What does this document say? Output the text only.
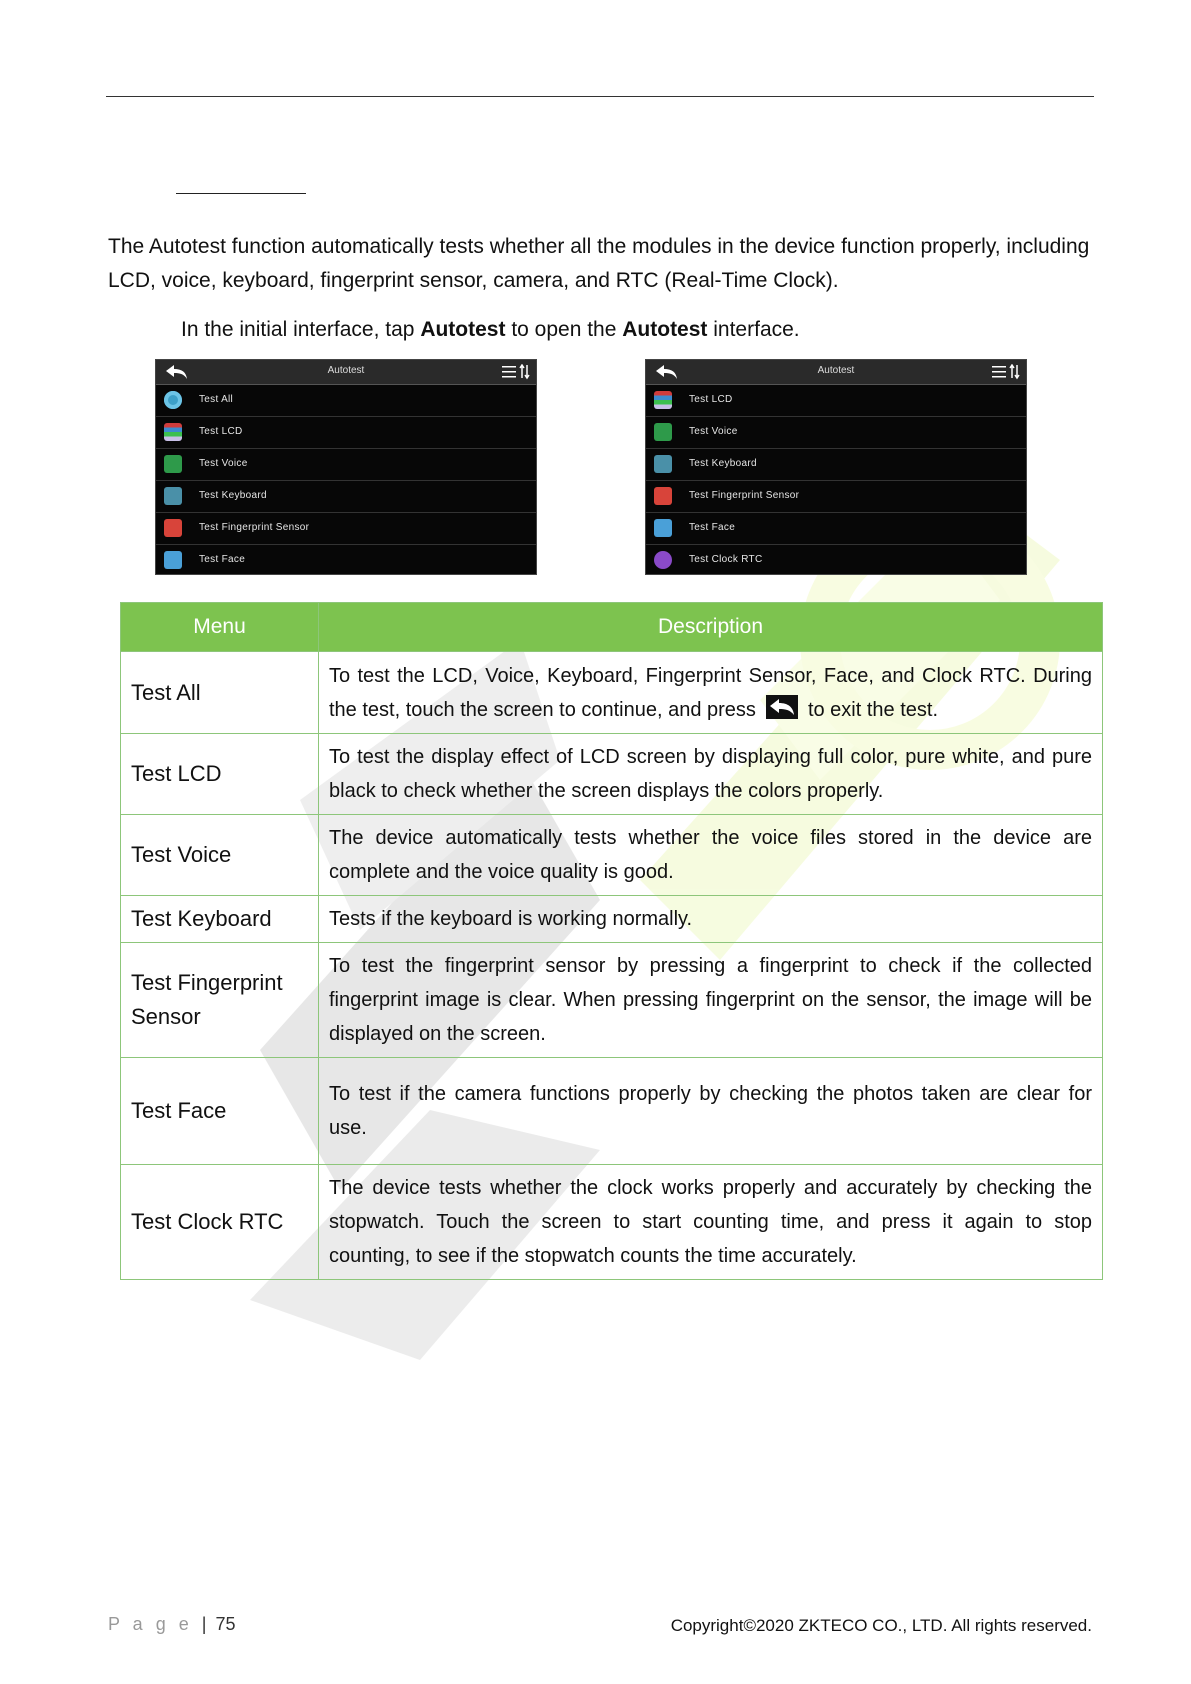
The Autotest function automatically tests whether all the modules in the device function properly, including LCD, voice, keyboard, fingerprint sensor, camera, and RTC (Real-Time Clock).

In the initial interface, tap Autotest to open the Autotest interface.

Autotest
Test All
Test LCD
Test Voice
Test Keyboard
Test Fingerprint Sensor
Test Face
Autotest
Test LCD
Test Voice
Test Keyboard
Test Fingerprint Sensor
Test Face
Test Clock RTC
Menu	Description
Test All	To test the LCD, Voice, Keyboard, Fingerprint Sensor, Face, and Clock RTC. During the test, touch the screen to continue, and press to exit the test.
Test LCD	To test the display effect of LCD screen by displaying full color, pure white, and pure black to check whether the screen displays the colors properly.
Test Voice	The device automatically tests whether the voice files stored in the device are complete and the voice quality is good.
Test Keyboard	Tests if the keyboard is working normally.
Test Fingerprint Sensor	To test the fingerprint sensor by pressing a fingerprint to check if the collected fingerprint image is clear. When pressing fingerprint on the sensor, the image will be displayed on the screen.
Test Face	To test if the camera functions properly by checking the photos taken are clear for use.
Test Clock RTC	The device tests whether the clock works properly and accurately by checking the stopwatch. Touch the screen to start counting time, and press it again to stop counting, to see if the stopwatch counts the time accurately.
P a g e | 75	Copyright©2020 ZKTECO CO., LTD. All rights reserved.
